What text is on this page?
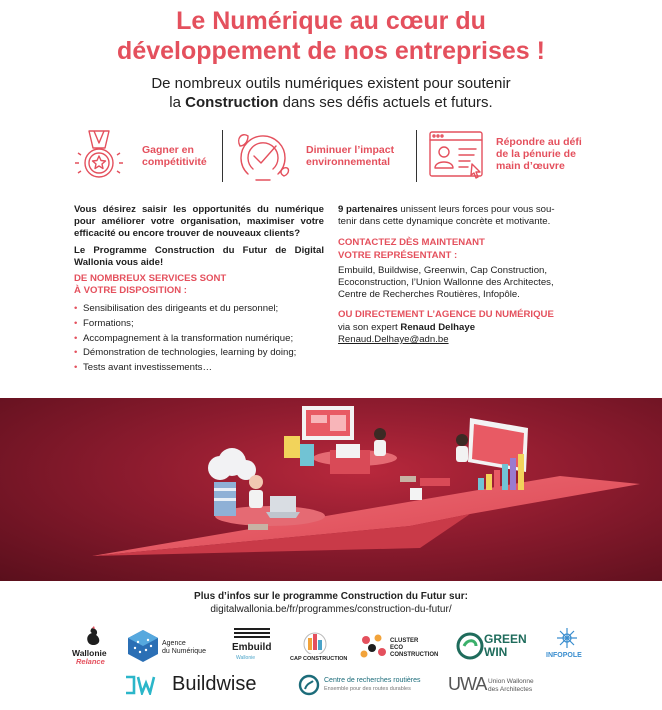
Le Numérique au cœur du
développement de nos entreprises !
De nombreux outils numériques existent pour soutenir
la Construction dans ses défis actuels et futurs.
Gagner en
compétitivité
Diminuer l’impact
environnemental
Répondre au défi
de la pénurie de
main d’œuvre

Vous désirez saisir les opportunités du numérique pour améliorer votre organisation, maximiser votre efficacité ou encore trouver de nouveaux clients?

Le Programme Construction du Futur de Digital Wallonia vous aide!

DE NOMBREUX SERVICES SONT
À VOTRE DISPOSITION :

• Sensibilisation des dirigeants et du personnel;
• Formations;
• Accompagnement à la transformation numérique;
• Démonstration de technologies, learning by doing;
• Tests avant investissements…

9 partenaires unissent leurs forces pour vous sou-
tenir dans cette dynamique concrète et motivante.

CONTACTEZ DÈS MAINTENANT
VOTRE REPRÉSENTANT :

Embuild, Buildwise, Greenwin, Cap Construction,
Ecoconstruction, l’Union Wallonne des Architectes,
Centre de Recherches Routières, Infopôle.

OU DIRECTEMENT L’AGENCE DU NUMÉRIQUE

via son expert Renaud Delhaye

Renaud.Delhaye@adn.be

Plus d’infos sur le programme Construction du Futur sur:
digitalwallonia.be/fr/programmes/construction-du-futur/
Wallonie
Relance
Agence
du Numérique	Embuild
Wallonie	CAP CONSTRUCTION
CLUSTER
ECO
CONSTRUCTION
GREEN
WIN	INFOPOLE
Buildwise	Centre de recherches routières
Ensemble pour des routes durables UWA Union Wallonne
des Architectes
